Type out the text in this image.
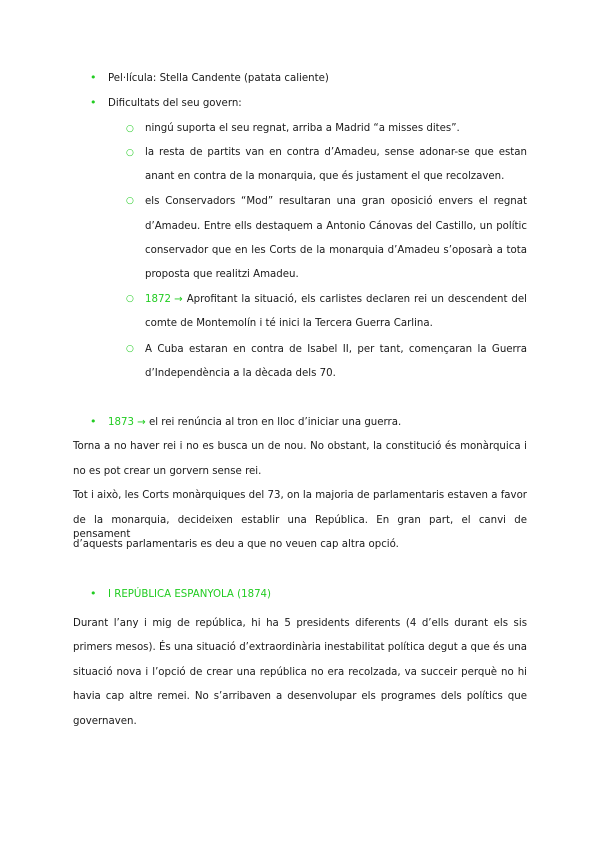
• Pel·lícula: Stella Candente (patata caliente)
• Dificultats del seu govern:
○ ningú suporta el seu regnat, arriba a Madrid “a misses dites”.
○ la resta de partits van en contra d’Amadeu, sense adonar-se que estan
anant en contra de la monarquia, que és justament el que recolzaven.
○ els Conservadors “Mod” resultaran una gran oposició envers el regnat
d’Amadeu. Entre ells destaquem a Antonio Cánovas del Castillo, un polític
conservador que en les Corts de la monarquia d’Amadeu s’oposarà a tota
proposta que realitzi Amadeu.
○ 1872 → Aprofitant la situació, els carlistes declaren rei un descendent del
comte de Montemolín i té inici la Tercera Guerra Carlina.
○ A Cuba estaran en contra de Isabel II, per tant, començaran la Guerra
d’Independència a la dècada dels 70.
• 1873 → el rei renúncia al tron en lloc d’iniciar una guerra.
Torna a no haver rei i no es busca un de nou. No obstant, la constitució és monàrquica i
no es pot crear un gorvern sense rei.
Tot i això, les Corts monàrquiques del 73, on la majoria de parlamentaris estaven a favor
de la monarquia, decideixen establir una República. En gran part, el canvi de pensament
d’aquests parlamentaris es deu a que no veuen cap altra opció.
• I REPÚBLICA ESPANYOLA (1874)
Durant l’any i mig de república, hi ha 5 presidents diferents (4 d’ells durant els sis
primers mesos). És una situació d’extraordinària inestabilitat política degut a que és una
situació nova i l’opció de crear una república no era recolzada, va succeir perquè no hi
havia cap altre remei. No s’arribaven a desenvolupar els programes dels polítics que
governaven.
